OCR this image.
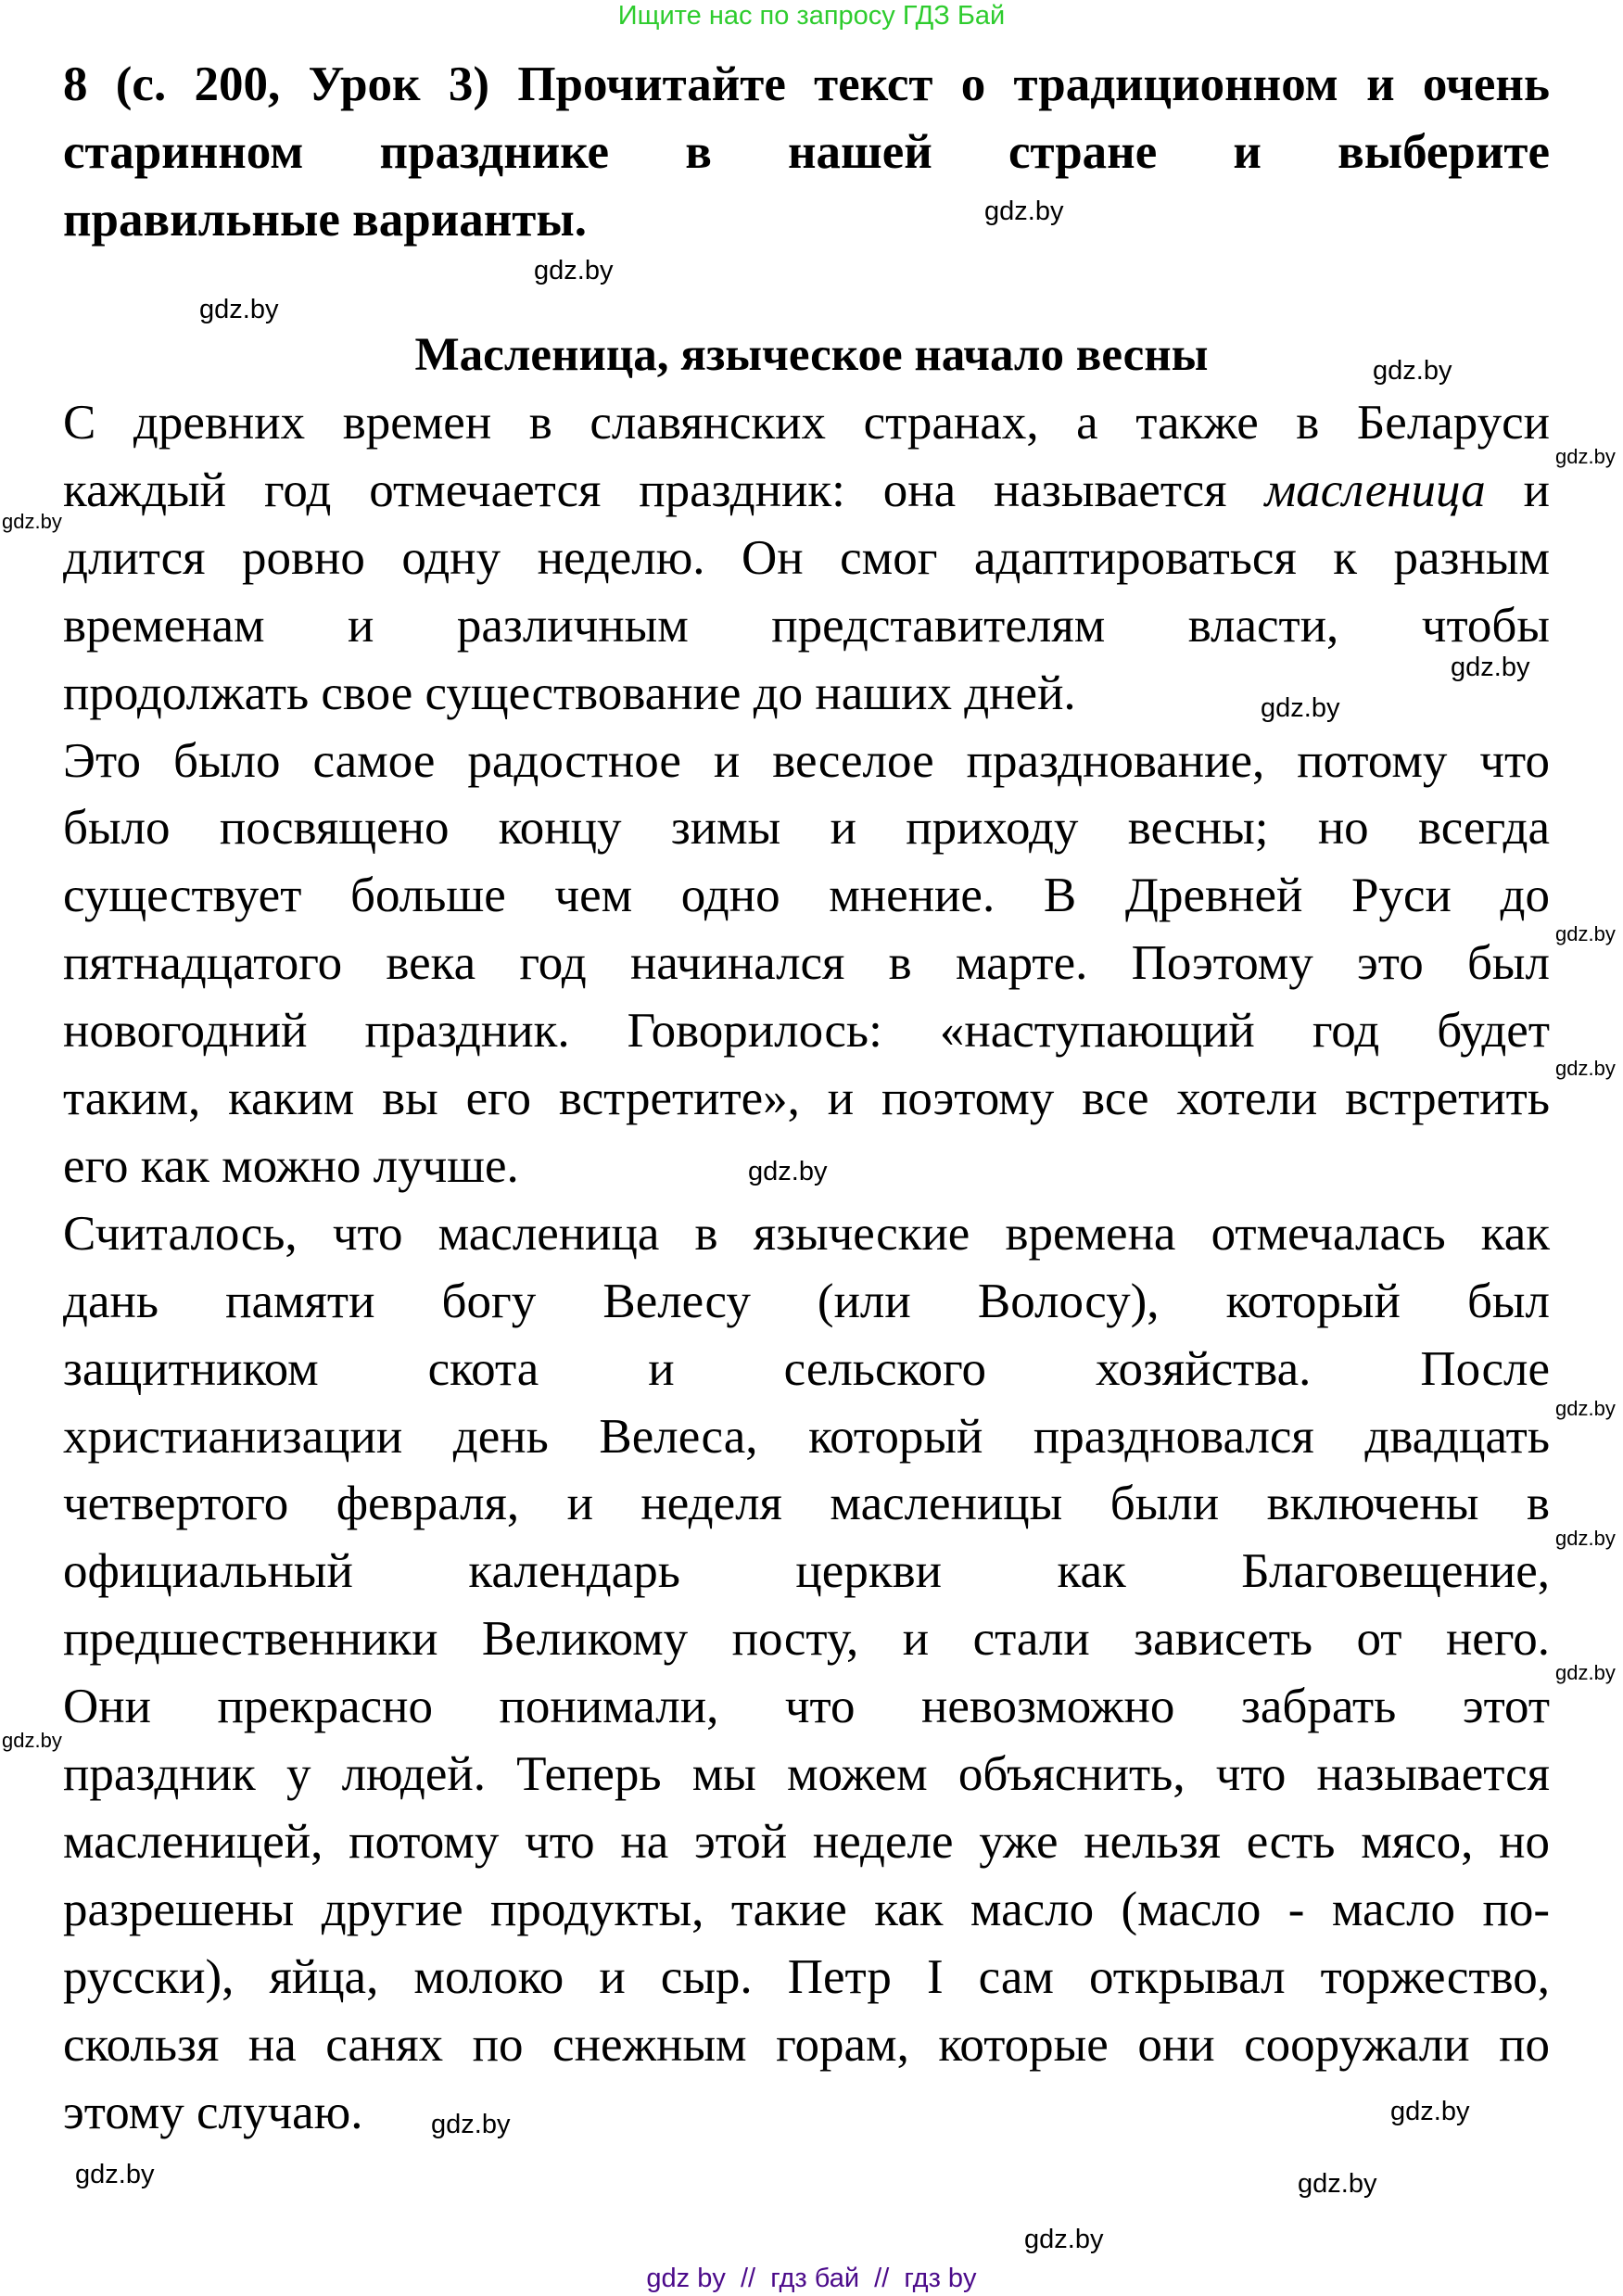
Ищите нас по запросу ГДЗ Бай
8 (с. 200, Урок 3) Прочитайте текст о традиционном и очень
старинном празднике в нашей стране и выберите
правильные варианты.
Масленица, языческое начало весны
С древних времен в славянских странах, а также в Беларуси
каждый год отмечается праздник: она называется масленица и
длится ровно одну неделю. Он смог адаптироваться к разным
временам и различным представителям власти, чтобы
продолжать свое существование до наших дней.
Это было самое радостное и веселое празднование, потому что
было посвящено концу зимы и приходу весны; но всегда
существует больше чем одно мнение. В Древней Руси до
пятнадцатого века год начинался в марте. Поэтому это был
новогодний праздник. Говорилось: «наступающий год будет
таким, каким вы его встретите», и поэтому все хотели встретить
его как можно лучше.
Считалось, что масленица в языческие времена отмечалась как
дань памяти богу Велесу (или Волосу), который был
защитником скота и сельского хозяйства. После
христианизации день Велеса, который праздновался двадцать
четвертого февраля, и неделя масленицы были включены в
официальный календарь церкви как Благовещение,
предшественники Великому посту, и стали зависеть от него.
Они прекрасно понимали, что невозможно забрать этот
праздник у людей. Теперь мы можем объяснить, что называется
масленицей, потому что на этой неделе уже нельзя есть мясо, но
разрешены другие продукты, такие как масло (масло - масло по-
русски), яйца, молоко и сыр. Петр I сам открывал торжество,
скользя на санях по снежным горам, которые они сооружали по
этому случаю.
gdz.by
gdz.by
gdz.by
gdz.by
gdz.by
gdz.by
gdz.by
gdz.by
gdz.by
gdz.by
gdz.by
gdz.by
gdz.by
gdz.by
gdz.by
gdz.by
gdz.by
gdz.by
gdz.by
gdz.by
gdz by  //  гдз бай  //  гдз by
